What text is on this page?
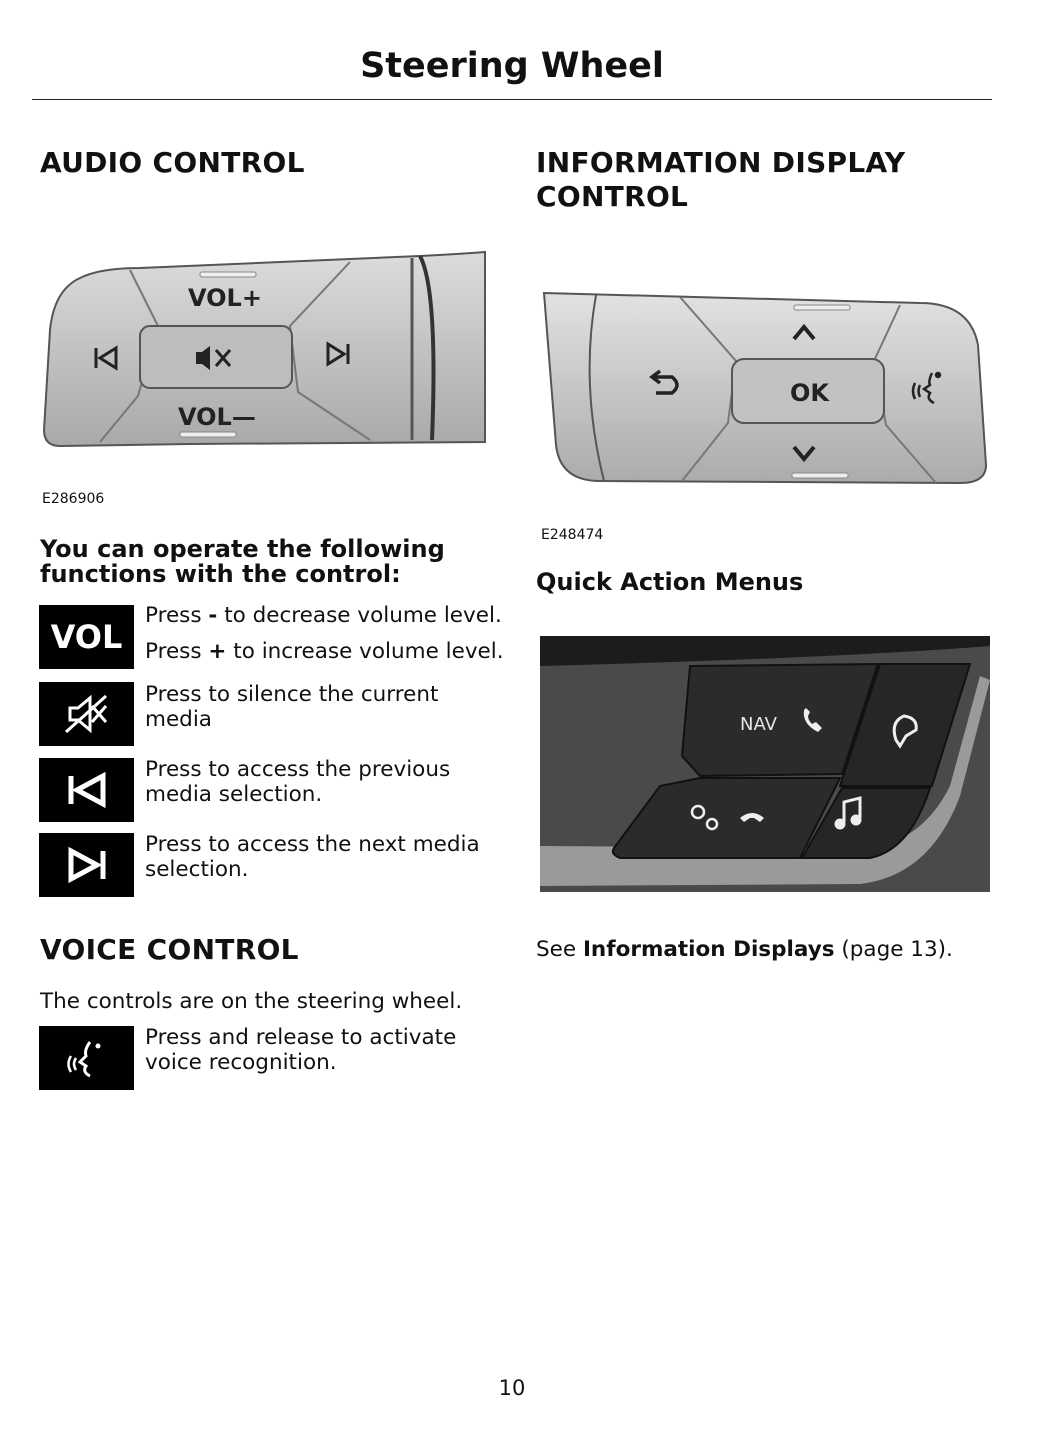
Steering Wheel
AUDIO CONTROL
VOL+
VOL—

E286906

You can operate the following functions with the control:

VOL

Press - to decrease volume level.

Press + to increase volume level.

Press to silence the current media

Press to access the previous media selection.

Press to access the next media selection.

VOICE CONTROL

The controls are on the steering wheel.

Press and release to activate voice recognition.

INFORMATION DISPLAY CONTROL
OK

E248474

Quick Action Menus

NAV

See Information Displays (page 13).

10
